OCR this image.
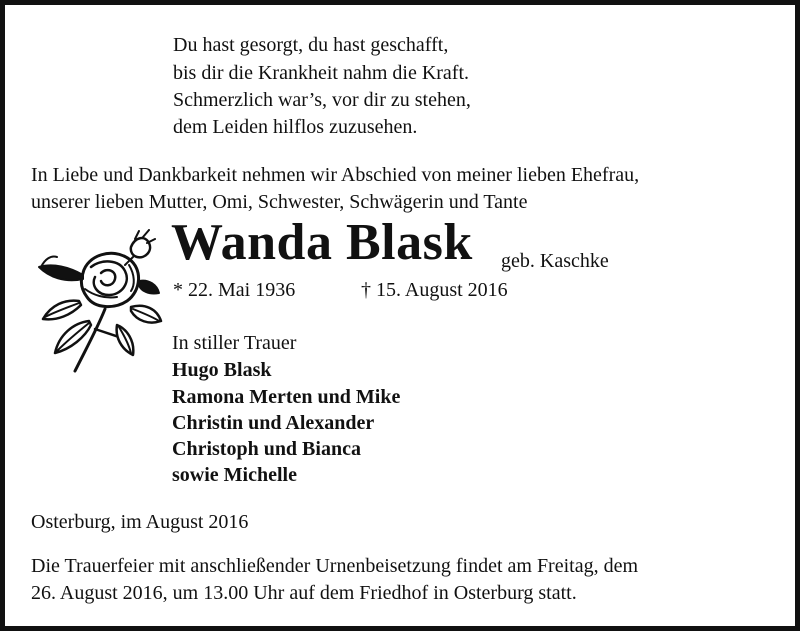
Du hast gesorgt, du hast geschafft,
bis dir die Krankheit nahm die Kraft.
Schmerzlich war’s, vor dir zu stehen,
dem Leiden hilflos zuzusehen.
In Liebe und Dankbarkeit nehmen wir Abschied von meiner lieben Ehefrau,
unserer lieben Mutter, Omi, Schwester, Schwägerin und Tante
Wanda Blask geb. Kaschke
* 22. Mai 1936	† 15. August 2016
In stiller Trauer
Hugo Blask
Ramona Merten und Mike
Christin und Alexander
Christoph und Bianca
sowie Michelle
Osterburg, im August 2016
Die Trauerfeier mit anschließender Urnenbeisetzung findet am Freitag, dem
26. August 2016, um 13.00 Uhr auf dem Friedhof in Osterburg statt.
